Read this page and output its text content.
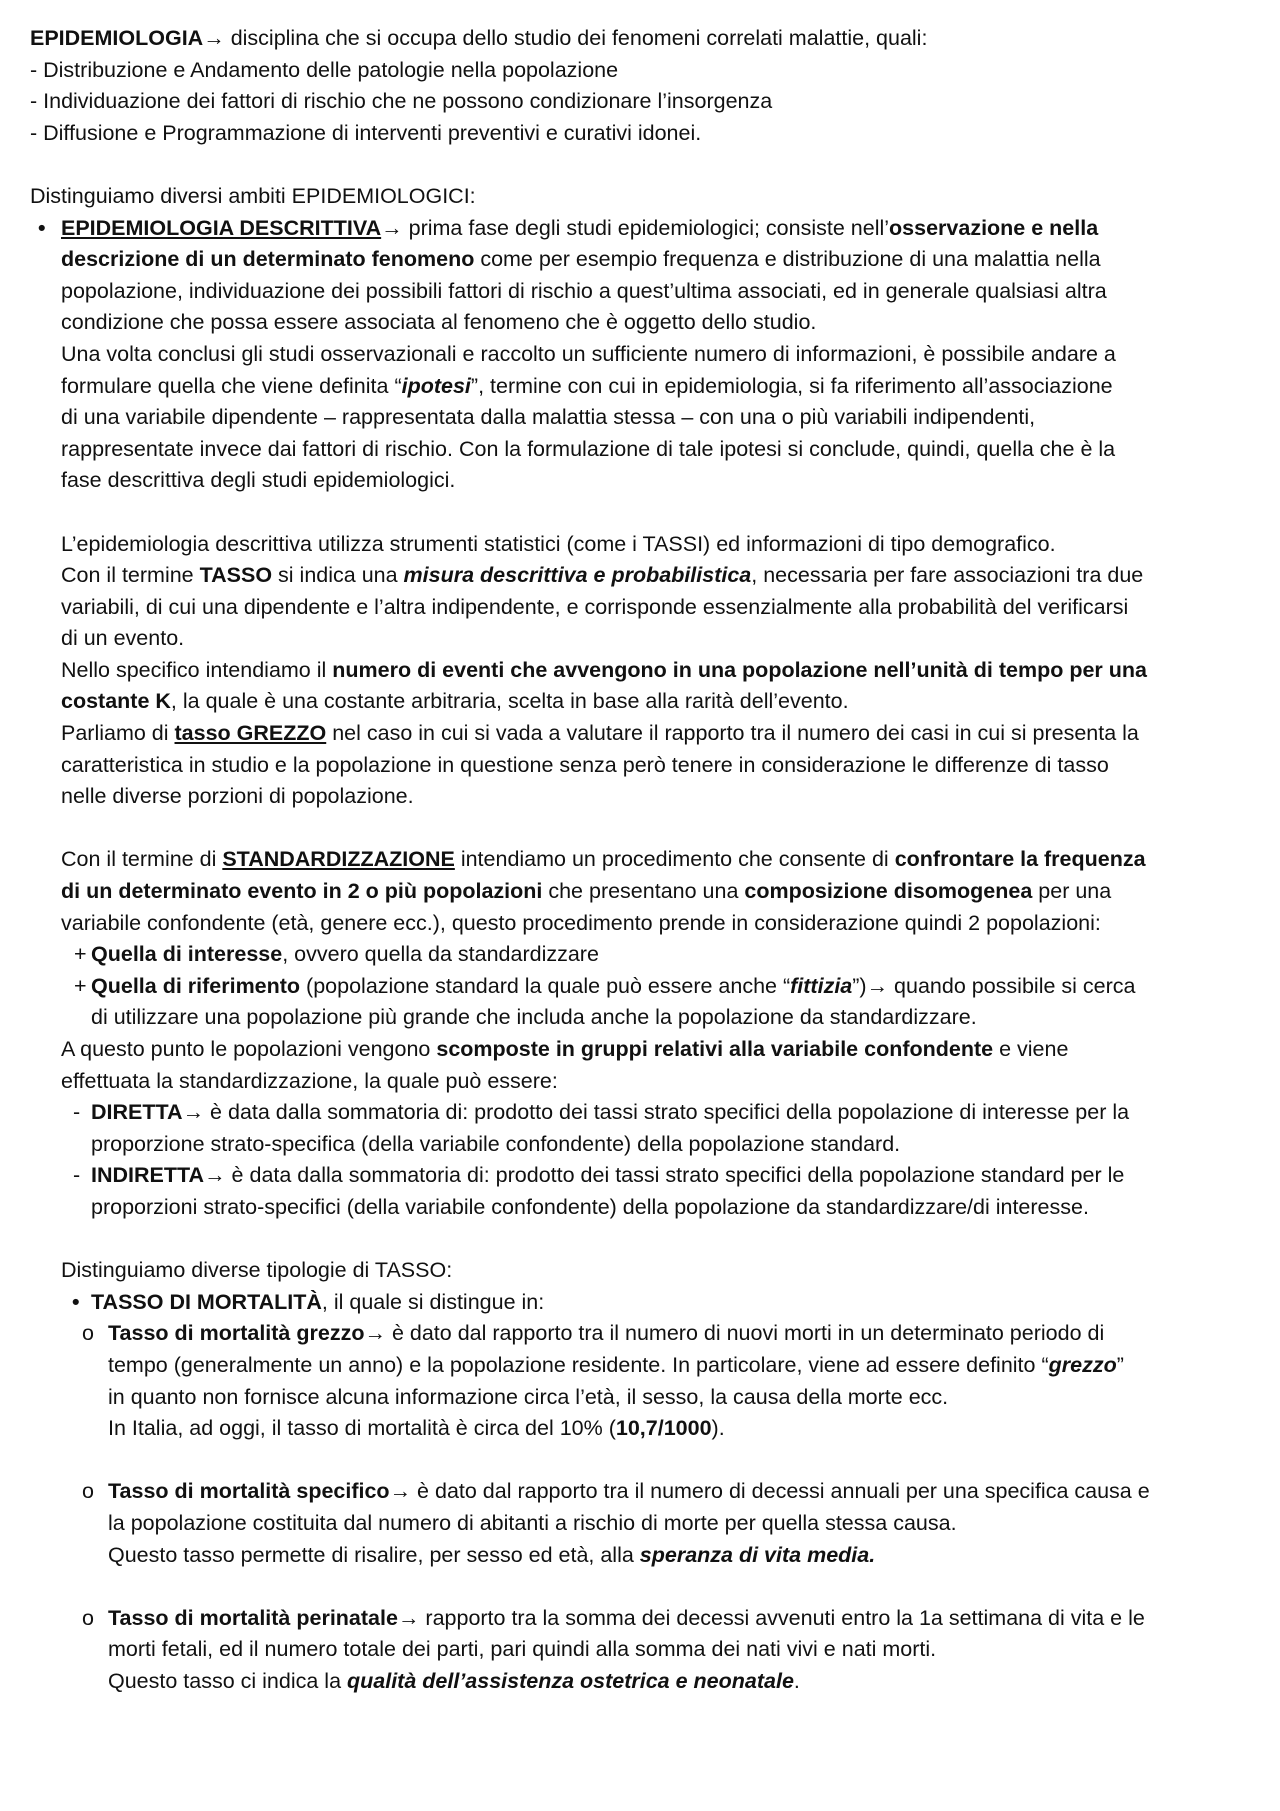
EPIDEMIOLOGIA→ disciplina che si occupa dello studio dei fenomeni correlati malattie, quali:
- Distribuzione e Andamento delle patologie nella popolazione
- Individuazione dei fattori di rischio che ne possono condizionare l’insorgenza
- Diffusione e Programmazione di interventi preventivi e curativi idonei.
Distinguiamo diversi ambiti EPIDEMIOLOGICI:
• EPIDEMIOLOGIA DESCRITTIVA→ prima fase degli studi epidemiologici; consiste nell’osservazione e nella
descrizione di un determinato fenomeno come per esempio frequenza e distribuzione di una malattia nella
popolazione, individuazione dei possibili fattori di rischio a quest’ultima associati, ed in generale qualsiasi altra
condizione che possa essere associata al fenomeno che è oggetto dello studio.
Una volta conclusi gli studi osservazionali e raccolto un sufficiente numero di informazioni, è possibile andare a
formulare quella che viene definita “ipotesi”, termine con cui in epidemiologia, si fa riferimento all’associazione
di una variabile dipendente – rappresentata dalla malattia stessa – con una o più variabili indipendenti,
rappresentate invece dai fattori di rischio. Con la formulazione di tale ipotesi si conclude, quindi, quella che è la
fase descrittiva degli studi epidemiologici.
L’epidemiologia descrittiva utilizza strumenti statistici (come i TASSI) ed informazioni di tipo demografico.
Con il termine TASSO si indica una misura descrittiva e probabilistica, necessaria per fare associazioni tra due
variabili, di cui una dipendente e l’altra indipendente, e corrisponde essenzialmente alla probabilità del verificarsi
di un evento.
Nello specifico intendiamo il numero di eventi che avvengono in una popolazione nell’unità di tempo per una
costante K, la quale è una costante arbitraria, scelta in base alla rarità dell’evento.
Parliamo di tasso GREZZO nel caso in cui si vada a valutare il rapporto tra il numero dei casi in cui si presenta la
caratteristica in studio e la popolazione in questione senza però tenere in considerazione le differenze di tasso
nelle diverse porzioni di popolazione.
Con il termine di STANDARDIZZAZIONE intendiamo un procedimento che consente di confrontare la frequenza
di un determinato evento in 2 o più popolazioni che presentano una composizione disomogenea per una
variabile confondente (età, genere ecc.), questo procedimento prende in considerazione quindi 2 popolazioni:
+ Quella di interesse, ovvero quella da standardizzare
+ Quella di riferimento (popolazione standard la quale può essere anche “fittizia”)→ quando possibile si cerca
di utilizzare una popolazione più grande che includa anche la popolazione da standardizzare.
A questo punto le popolazioni vengono scomposte in gruppi relativi alla variabile confondente e viene
effettuata la standardizzazione, la quale può essere:
- DIRETTA→ è data dalla sommatoria di: prodotto dei tassi strato specifici della popolazione di interesse per la
proporzione strato-specifica (della variabile confondente) della popolazione standard.
- INDIRETTA→ è data dalla sommatoria di: prodotto dei tassi strato specifici della popolazione standard per le
proporzioni strato-specifici (della variabile confondente) della popolazione da standardizzare/di interesse.
Distinguiamo diverse tipologie di TASSO:
• TASSO DI MORTALITÀ, il quale si distingue in:
o Tasso di mortalità grezzo→ è dato dal rapporto tra il numero di nuovi morti in un determinato periodo di
tempo (generalmente un anno) e la popolazione residente. In particolare, viene ad essere definito “grezzo”
in quanto non fornisce alcuna informazione circa l’età, il sesso, la causa della morte ecc.
In Italia, ad oggi, il tasso di mortalità è circa del 10% (10,7/1000).
o Tasso di mortalità specifico→ è dato dal rapporto tra il numero di decessi annuali per una specifica causa e
la popolazione costituita dal numero di abitanti a rischio di morte per quella stessa causa.
Questo tasso permette di risalire, per sesso ed età, alla speranza di vita media.
o Tasso di mortalità perinatale→ rapporto tra la somma dei decessi avvenuti entro la 1a settimana di vita e le
morti fetali, ed il numero totale dei parti, pari quindi alla somma dei nati vivi e nati morti.
Questo tasso ci indica la qualità dell’assistenza ostetrica e neonatale.
